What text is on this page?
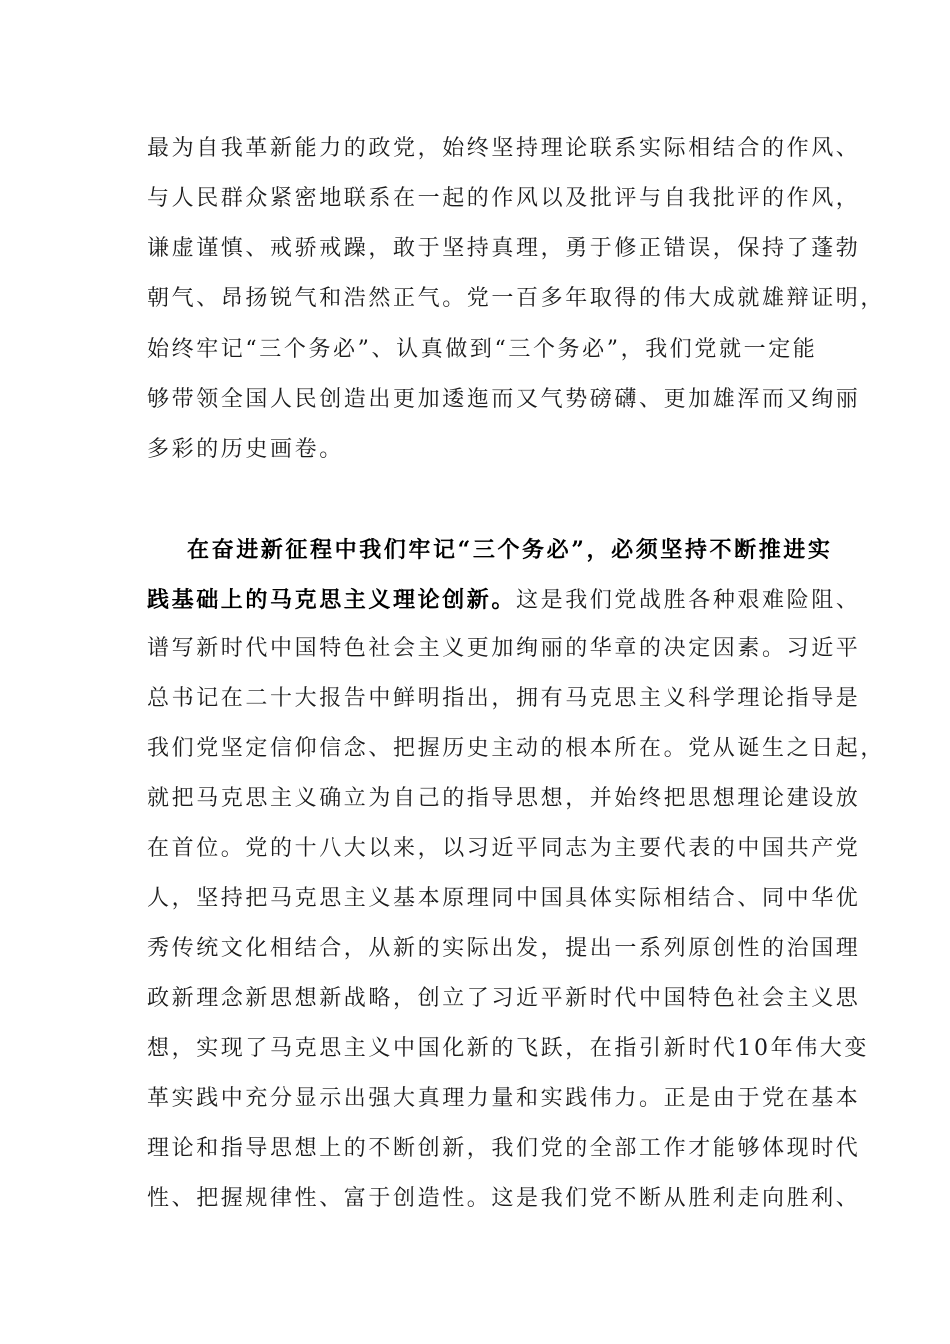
最为自我革新能力的政党，始终坚持理论联系实际相结合的作风、
与人民群众紧密地联系在一起的作风以及批评与自我批评的作风，
谦虚谨慎、戒骄戒躁，敢于坚持真理，勇于修正错误，保持了蓬勃
朝气、昂扬锐气和浩然正气。党一百多年取得的伟大成就雄辩证明，
始终牢记“三个务必”、认真做到“三个务必”，我们党就一定能
够带领全国人民创造出更加逶迤而又气势磅礴、更加雄浑而又绚丽
多彩的历史画卷。
在奋进新征程中我们牢记“三个务必”，必须坚持不断推进实
践基础上的马克思主义理论创新。这是我们党战胜各种艰难险阻、
谱写新时代中国特色社会主义更加绚丽的华章的决定因素。习近平
总书记在二十大报告中鲜明指出，拥有马克思主义科学理论指导是
我们党坚定信仰信念、把握历史主动的根本所在。党从诞生之日起，
就把马克思主义确立为自己的指导思想，并始终把思想理论建设放
在首位。党的十八大以来，以习近平同志为主要代表的中国共产党
人，坚持把马克思主义基本原理同中国具体实际相结合、同中华优
秀传统文化相结合，从新的实际出发，提出一系列原创性的治国理
政新理念新思想新战略，创立了习近平新时代中国特色社会主义思
想，实现了马克思主义中国化新的飞跃，在指引新时代10年伟大变
革实践中充分显示出强大真理力量和实践伟力。正是由于党在基本
理论和指导思想上的不断创新，我们党的全部工作才能够体现时代
性、把握规律性、富于创造性。这是我们党不断从胜利走向胜利、
